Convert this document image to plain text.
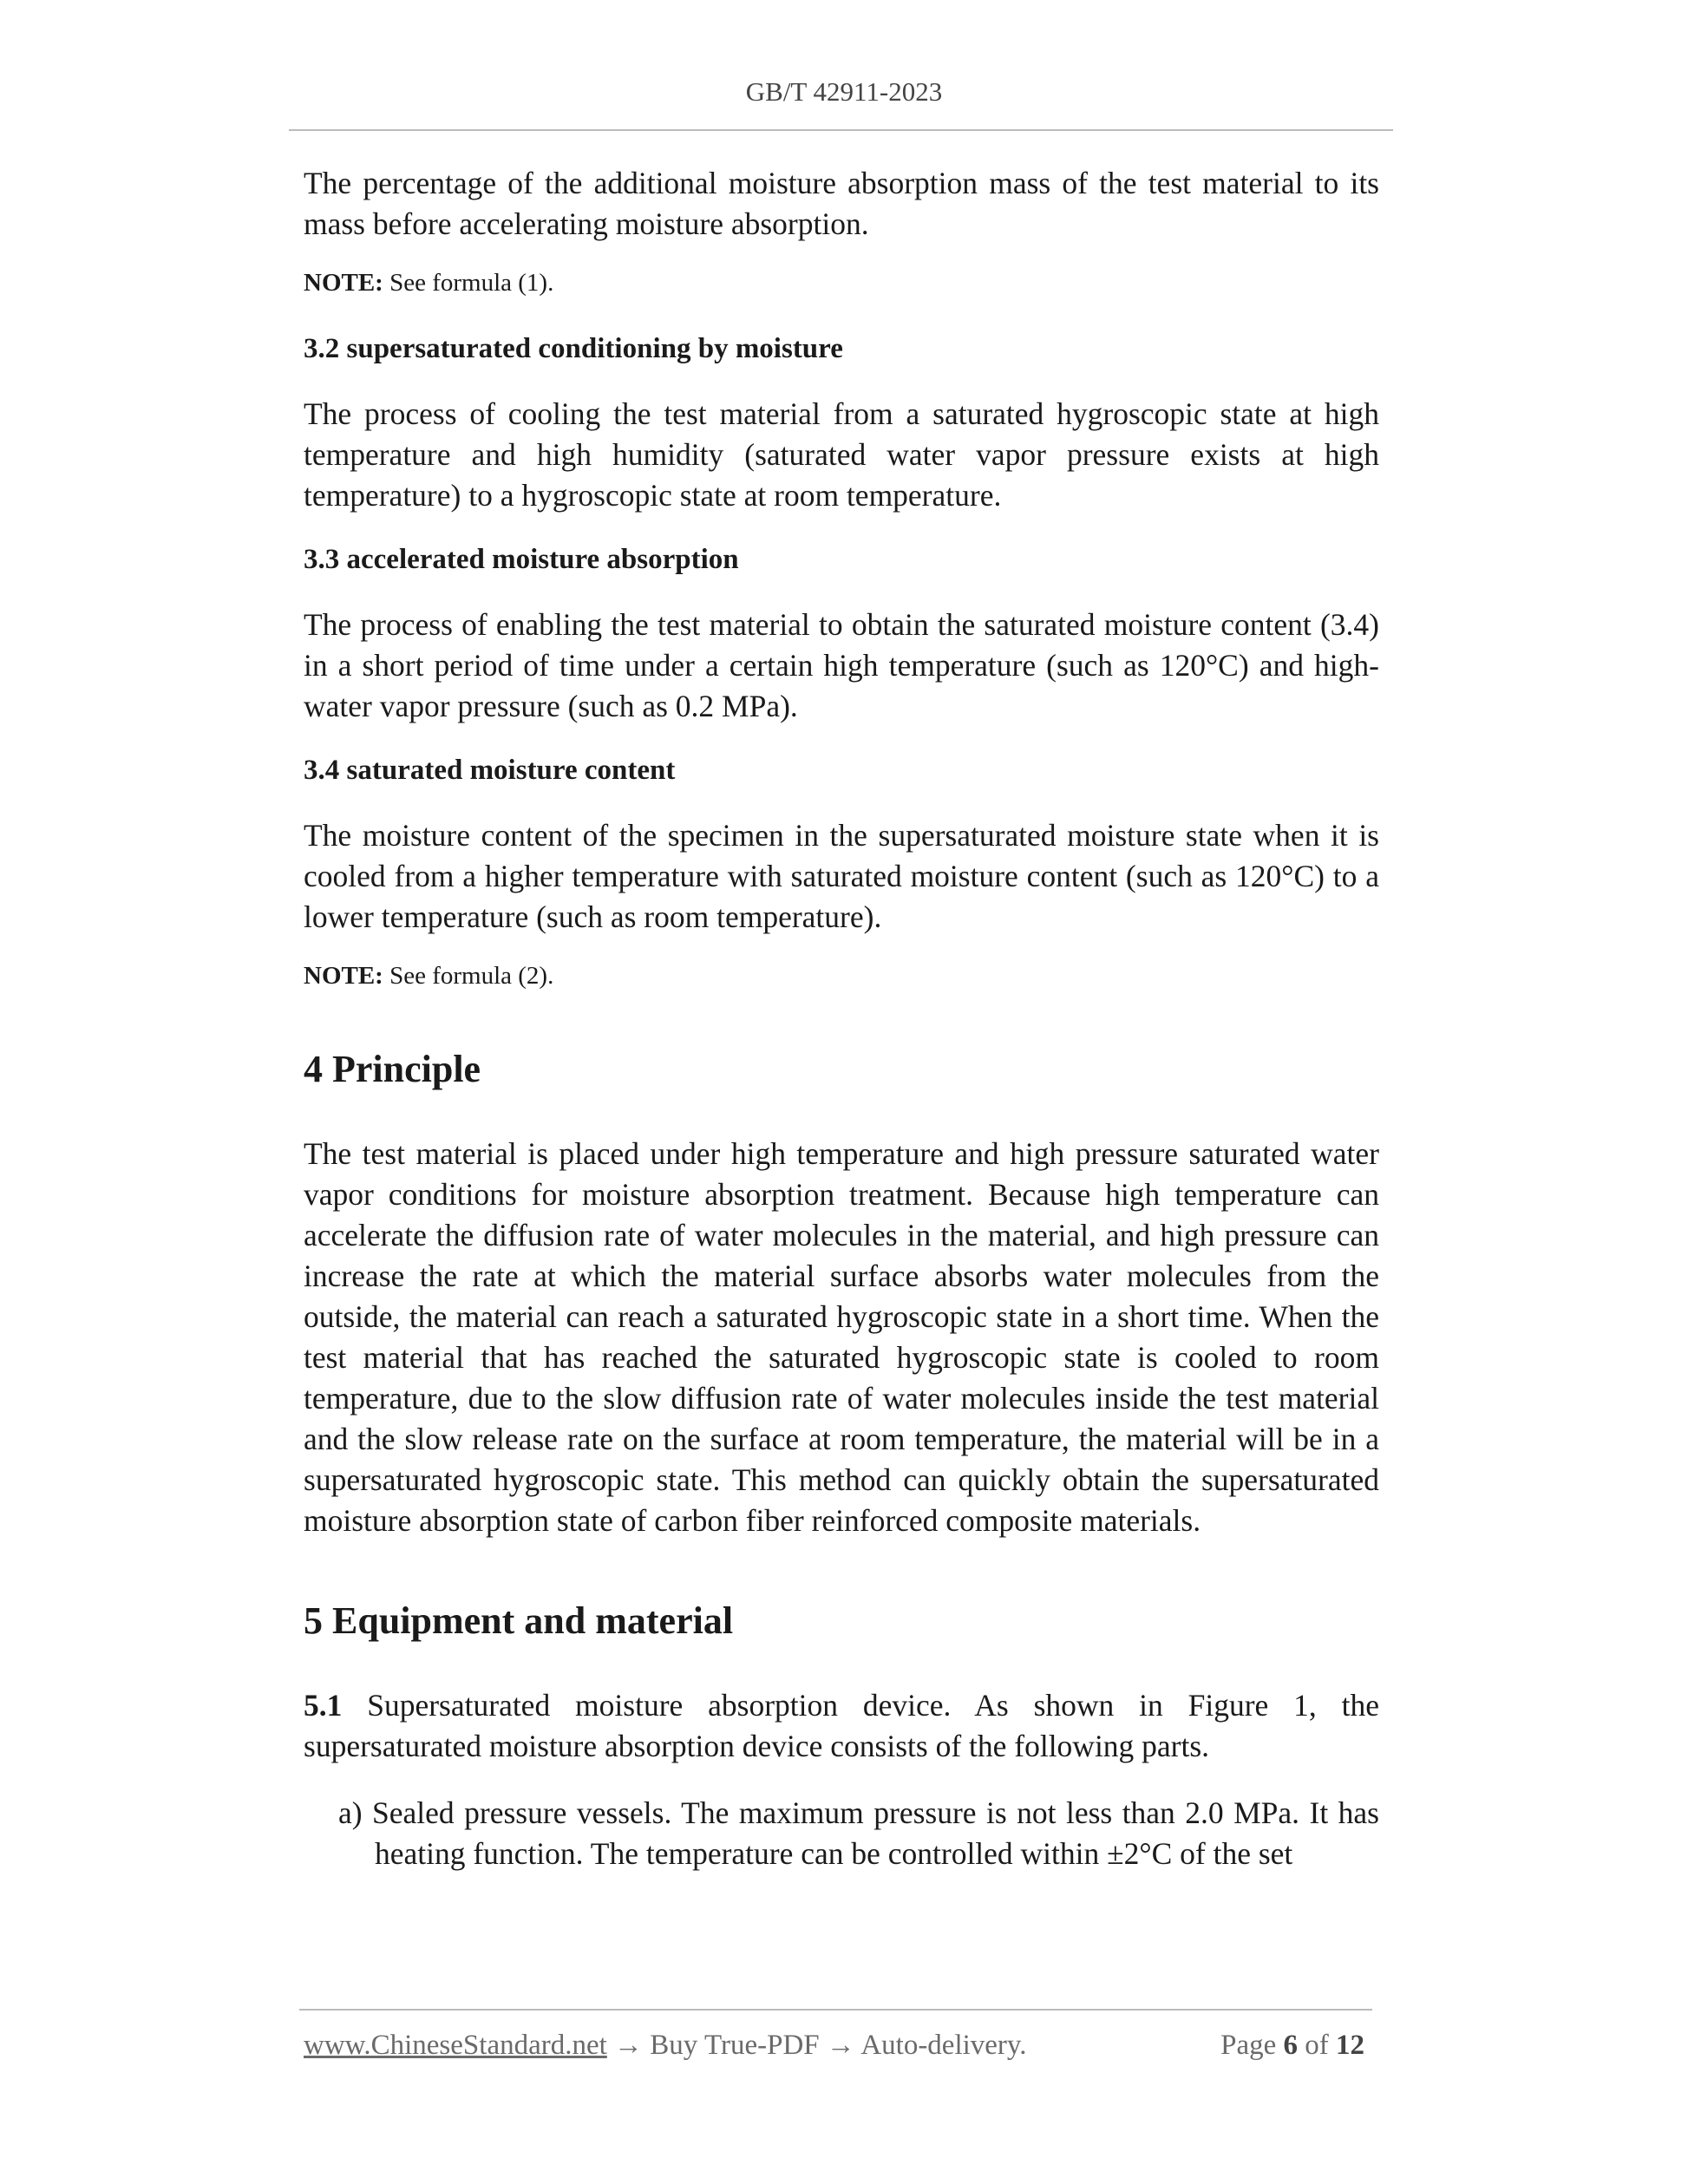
GB/T 42911-2023

The percentage of the additional moisture absorption mass of the test material to its mass before accelerating moisture absorption.

NOTE: See formula (1).

3.2 supersaturated conditioning by moisture

The process of cooling the test material from a saturated hygroscopic state at high temperature and high humidity (saturated water vapor pressure exists at high temperature) to a hygroscopic state at room temperature.

3.3 accelerated moisture absorption

The process of enabling the test material to obtain the saturated moisture content (3.4) in a short period of time under a certain high temperature (such as 120°C) and high-water vapor pressure (such as 0.2 MPa).

3.4 saturated moisture content

The moisture content of the specimen in the supersaturated moisture state when it is cooled from a higher temperature with saturated moisture content (such as 120°C) to a lower temperature (such as room temperature).

NOTE: See formula (2).

4 Principle

The test material is placed under high temperature and high pressure saturated water vapor conditions for moisture absorption treatment. Because high temperature can accelerate the diffusion rate of water molecules in the material, and high pressure can increase the rate at which the material surface absorbs water molecules from the outside, the material can reach a saturated hygroscopic state in a short time. When the test material that has reached the saturated hygroscopic state is cooled to room temperature, due to the slow diffusion rate of water molecules inside the test material and the slow release rate on the surface at room temperature, the material will be in a supersaturated hygroscopic state. This method can quickly obtain the supersaturated moisture absorption state of carbon fiber reinforced composite materials.

5 Equipment and material

5.1 Supersaturated moisture absorption device. As shown in Figure 1, the supersaturated moisture absorption device consists of the following parts.

a) Sealed pressure vessels. The maximum pressure is not less than 2.0 MPa. It has heating function. The temperature can be controlled within ±2°C of the set

www.ChineseStandard.net → Buy True-PDF → Auto-delivery.	Page 6 of 12
